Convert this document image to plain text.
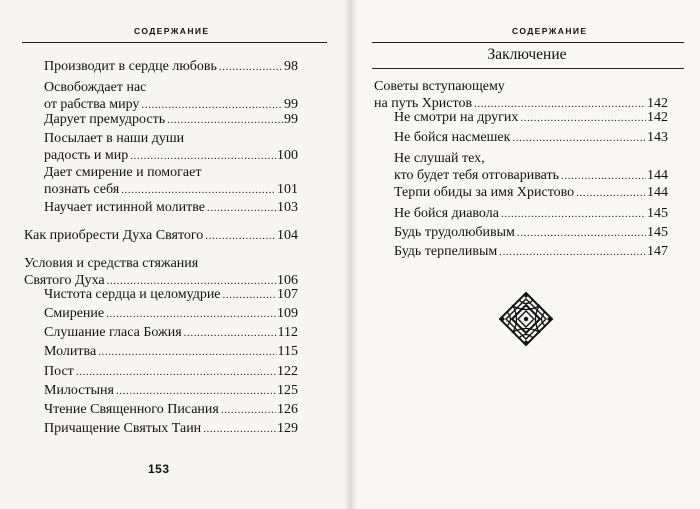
СОДЕРЖАНИЕ
Производит в сердце любовь .....	98
Освобождает нас
от рабства миру .....	99
Дарует премудрость .....	99
Посылает в наши души
радость и мир .....	100
Дает смирение и помогает
познать себя .....	101
Научает истинной молитве .....	103
Как приобрести Духа Святого .....	104
Условия и средства стяжания
Святого Духа .....	106
Чистота сердца и целомудрие .....	107
Смирение .....	109
Слушание гласа Божия .....	112
Молитва .....	115
Пост .....	122
Милостыня .....	125
Чтение Священного Писания .....	126
Причащение Святых Таин .....	129
153
СОДЕРЖАНИЕ
Заключение
Советы вступающему
на путь Христов .....	142
Не смотри на других .....	142
Не бойся насмешек .....	143
Не слушай тех,
кто будет тебя отговаривать .....	144
Терпи обиды за имя Христово .....	144
Не бойся диавола .....	145
Будь трудолюбивым .....	145
Будь терпеливым .....	147
